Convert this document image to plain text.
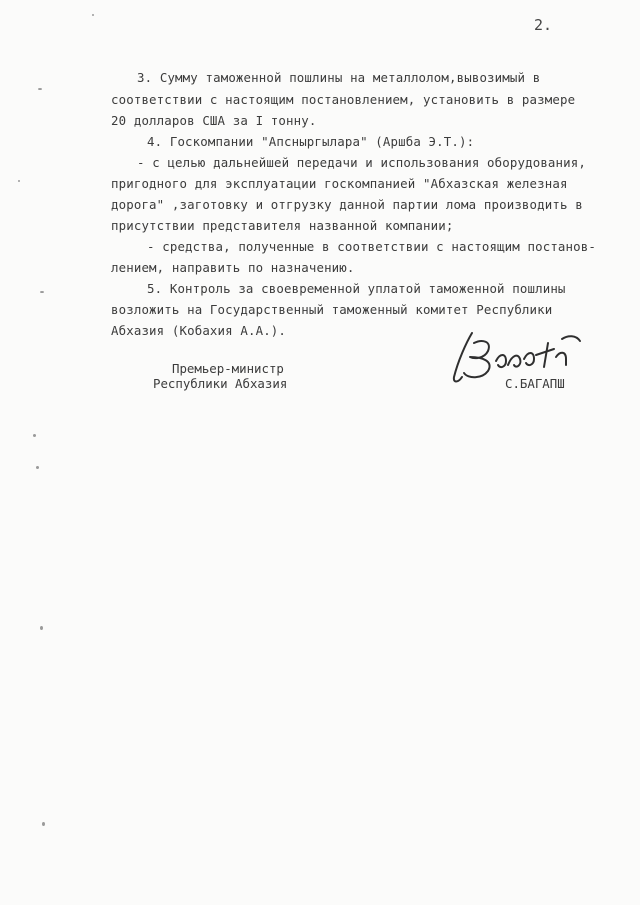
2.
3. Сумму таможенной пошлины на металлолом,вывозимый в
соответствии с настоящим постановлением, установить в размере
20 долларов США за I тонну.
4. Госкомпании "Апсныргылара" (Аршба Э.Т.):
- с целью дальнейшей передачи и использования оборудования,
пригодного для эксплуатации госкомпанией "Абхазская железная
дорога" ,заготовку и отгрузку данной партии лома производить в
присутствии представителя названной компании;
- средства, полученные в соответствии с настоящим постанов-
лением, направить по назначению.
5. Контроль за своевременной уплатой таможенной пошлины
возложить на Государственный таможенный комитет Республики
Абхазия (Кобахия А.А.).
Премьер-министр
Республики Абхазия	С.БАГАПШ
